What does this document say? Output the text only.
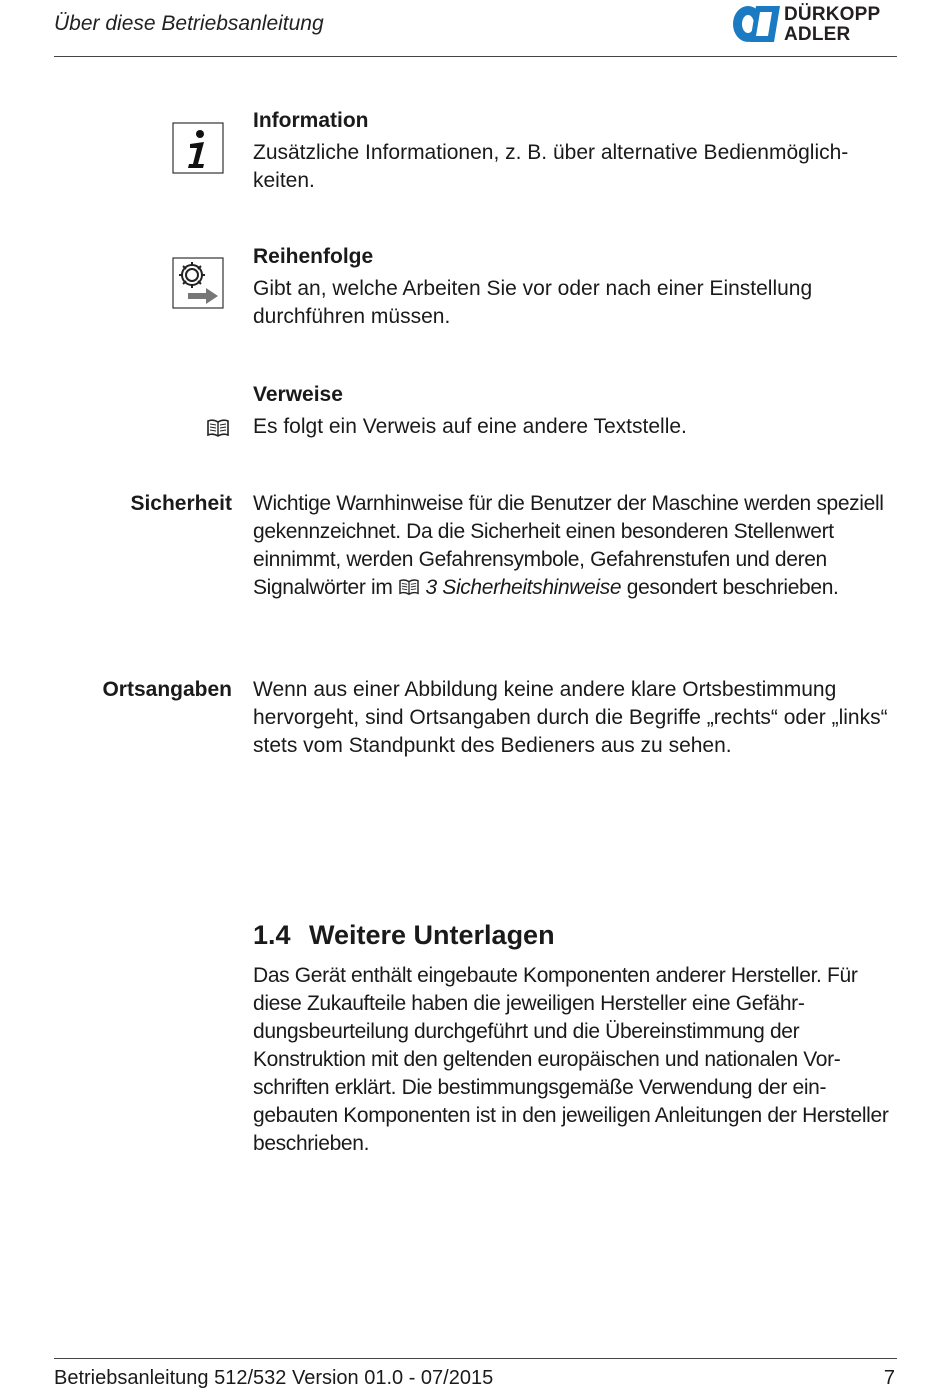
Über diese Betriebsanleitung	DÜRKOPP
ADLER
Information
Zusätzliche Informationen, z. B. über alternative Bedienmöglich-keiten.
Reihenfolge
Gibt an, welche Arbeiten Sie vor oder nach einer Einstellung durchführen müssen.
Verweise
Es folgt ein Verweis auf eine andere Textstelle.
Sicherheit Wichtige Warnhinweise für die Benutzer der Maschine werden speziell gekennzeichnet. Da die Sicherheit einen besonderen Stellenwert einnimmt, werden Gefahrensymbole, Gefahrenstufen und deren Signalwörter im 3 Sicherheitshinweise gesondert beschrieben.
Ortsangaben Wenn aus einer Abbildung keine andere klare Ortsbestimmung hervorgeht, sind Ortsangaben durch die Begriffe „rechts“ oder „links“ stets vom Standpunkt des Bedieners aus zu sehen.
1.4 Weitere Unterlagen
Das Gerät enthält eingebaute Komponenten anderer Hersteller. Für diese Zukaufteile haben die jeweiligen Hersteller eine Gefähr-dungsbeurteilung durchgeführt und die Übereinstimmung der Konstruktion mit den geltenden europäischen und nationalen Vor-schriften erklärt. Die bestimmungsgemäße Verwendung der ein-gebauten Komponenten ist in den jeweiligen Anleitungen der Hersteller beschrieben.
Betriebsanleitung 512/532 Version 01.0 - 07/2015	7
